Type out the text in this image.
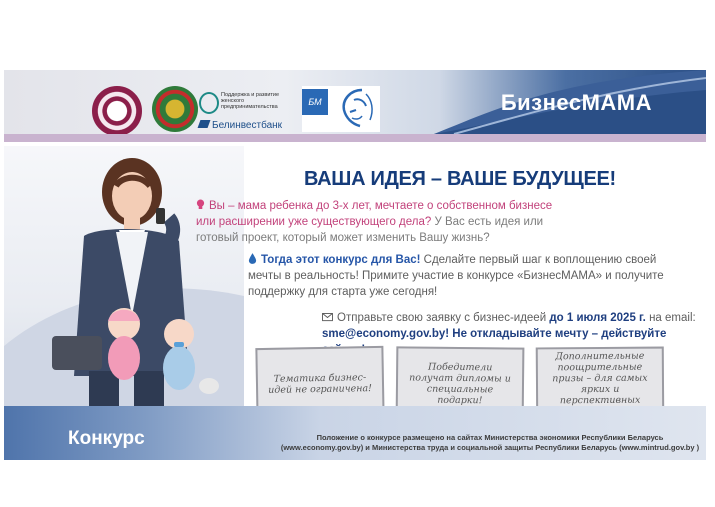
БизнесМАМА
Поддержка и развитие женского предпринимательства
Белинвестбанк
БМ
ВАША ИДЕЯ – ВАШЕ БУДУЩЕЕ!
Вы – мама ребенка до 3-х лет, мечтаете о собственном бизнесе или расширении уже существующего дела? У Вас есть идея или готовый проект, который может изменить Вашу жизнь?
Тогда этот конкурс для Вас! Сделайте первый шаг к воплощению своей мечты в реальность! Примите участие в конкурсе «БизнесМАМА» и получите поддержку для старта уже сегодня!
Отправьте свою заявку с бизнес-идеей до 1 июля 2025 г. на email:
sme@economy.gov.by! Не откладывайте мечту – действуйте
Тематика бизнес-идей не ограничена!
Победители получат дипломы и специальные подарки!
Дополнительные поощрительные призы – для самых ярких и перспективных
Конкурс	Положение о конкурсе размещено на сайтах Министерства экономики Республики Беларусь (www.economy.gov.by) и Министерства труда и социальной защиты Республики Беларусь (www.mintrud.gov.by )
